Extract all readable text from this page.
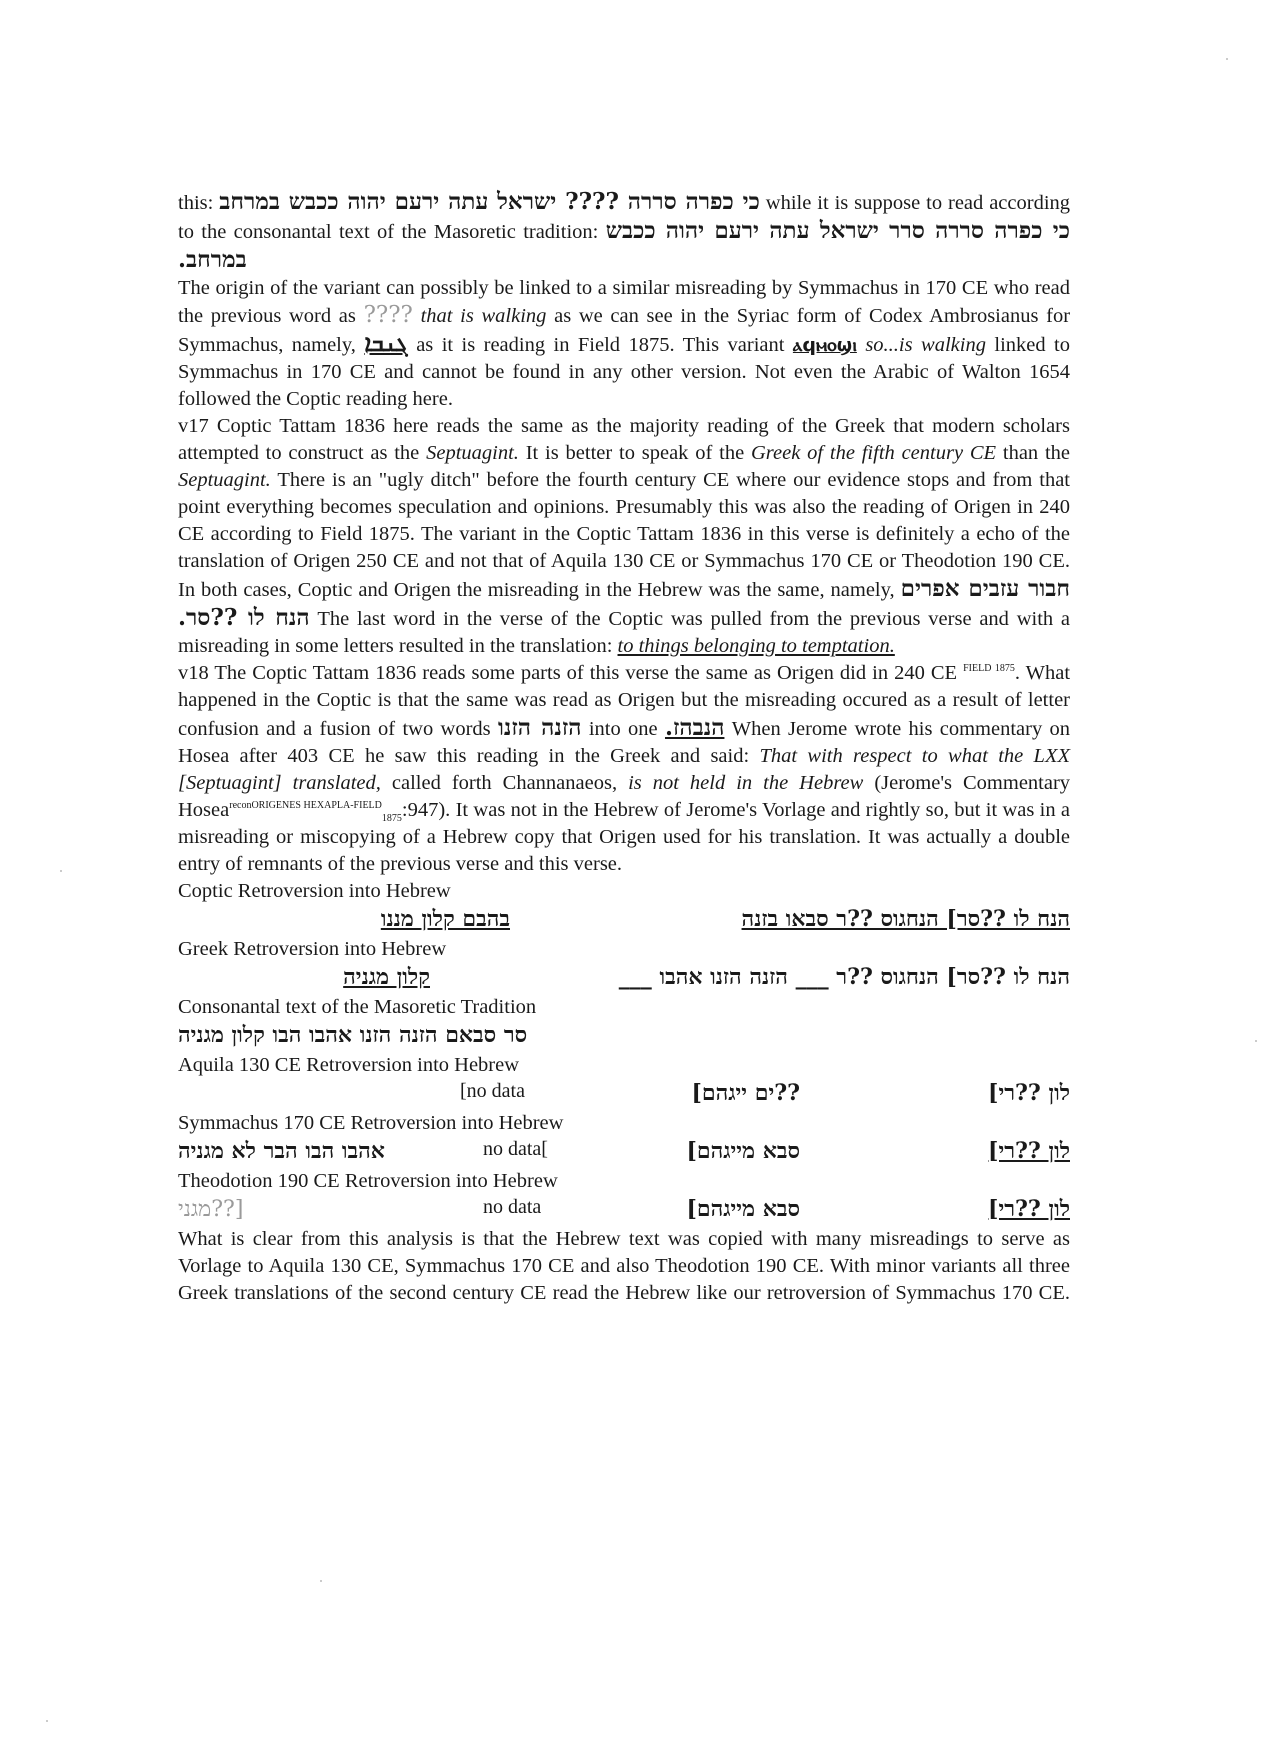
this: כי כפרה סררה ???? ישראל עתה ירעם יהוה ככבש במרחב while it is suppose to read according to the consonantal text of the Masoretic tradition: כי כפרה סררה סרר ישראל עתה ירעם יהוה ככבש במרחב.

The origin of the variant can possibly be linked to a similar misreading by Symmachus in 170 CE who read the previous word as ???? that is walking as we can see in the Syriac form of Codex Ambrosianus for Symmachus, namely, ܓܢܒܐ as it is reading in Field 1875. This variant ⲁϥⲙⲟϣⲓ so...is walking linked to Symmachus in 170 CE and cannot be found in any other version. Not even the Arabic of Walton 1654 followed the Coptic reading here.

v17 Coptic Tattam 1836 here reads the same as the majority reading of the Greek that modern scholars attempted to construct as the Septuagint. It is better to speak of the Greek of the fifth century CE than the Septuagint. There is an "ugly ditch" before the fourth century CE where our evidence stops and from that point everything becomes speculation and opinions. Presumably this was also the reading of Origen in 240 CE according to Field 1875. The variant in the Coptic Tattam 1836 in this verse is definitely a echo of the translation of Origen 250 CE and not that of Aquila 130 CE or Symmachus 170 CE or Theodotion 190 CE. In both cases, Coptic and Origen the misreading in the Hebrew was the same, namely, חבור עזבים אפרים הנח לו ??סר. The last word in the verse of the Coptic was pulled from the previous verse and with a misreading in some letters resulted in the translation: to things belonging to temptation.

v18 The Coptic Tattam 1836 reads some parts of this verse the same as Origen did in 240 CE $^{FIELD 1875}$. What happened in the Coptic is that the same was read as Origen but the misreading occured as a result of letter confusion and a fusion of two words הזנה הזנו into one הנבהז. When Jerome wrote his commentary on Hosea after 403 CE he saw this reading in the Greek and said: That with respect to what the LXX [Septuagint] translated, called forth Channanaeos, is not held in the Hebrew (Jerome's Commentary Hosea$^{reconORIGENES HEXAPLA-FIELD}_{1875}$:947). It was not in the Hebrew of Jerome's Vorlage and rightly so, but it was in a misreading or miscopying of a Hebrew copy that Origen used for his translation. It was actually a double entry of remnants of the previous verse and this verse.

Coptic Retroversion into Hebrew

הנח לו ??סר] הנחגוס ??ר סבאו בזנה
בהבם קלון מננו

Greek Retroversion into Hebrew

הנח לו ??סר] הנחגוס ??ר ___ הזנה הזנו אהבו ___
קלון מגניה

Consonantal text of the Masoretic Tradition

סר סבאם הזנה הזנו אהבו הבו קלון מגניה

Aquila 130 CE Retroversion into Hebrew

לון ??רי]
??ים ייגהם]
[no data

Symmachus 170 CE Retroversion into Hebrew

לון ??רי]
סבא מייגהם]
no data[
אהבו הבו הבר לא מגניה

Theodotion 190 CE Retroversion into Hebrew

לון ??רי]
סבא מייגהם]
no data
[??מגני

What is clear from this analysis is that the Hebrew text was copied with many misreadings to serve as Vorlage to Aquila 130 CE, Symmachus 170 CE and also Theodotion 190 CE. With minor variants all three Greek translations of the second century CE read the Hebrew like our retroversion of Symmachus 170 CE.
